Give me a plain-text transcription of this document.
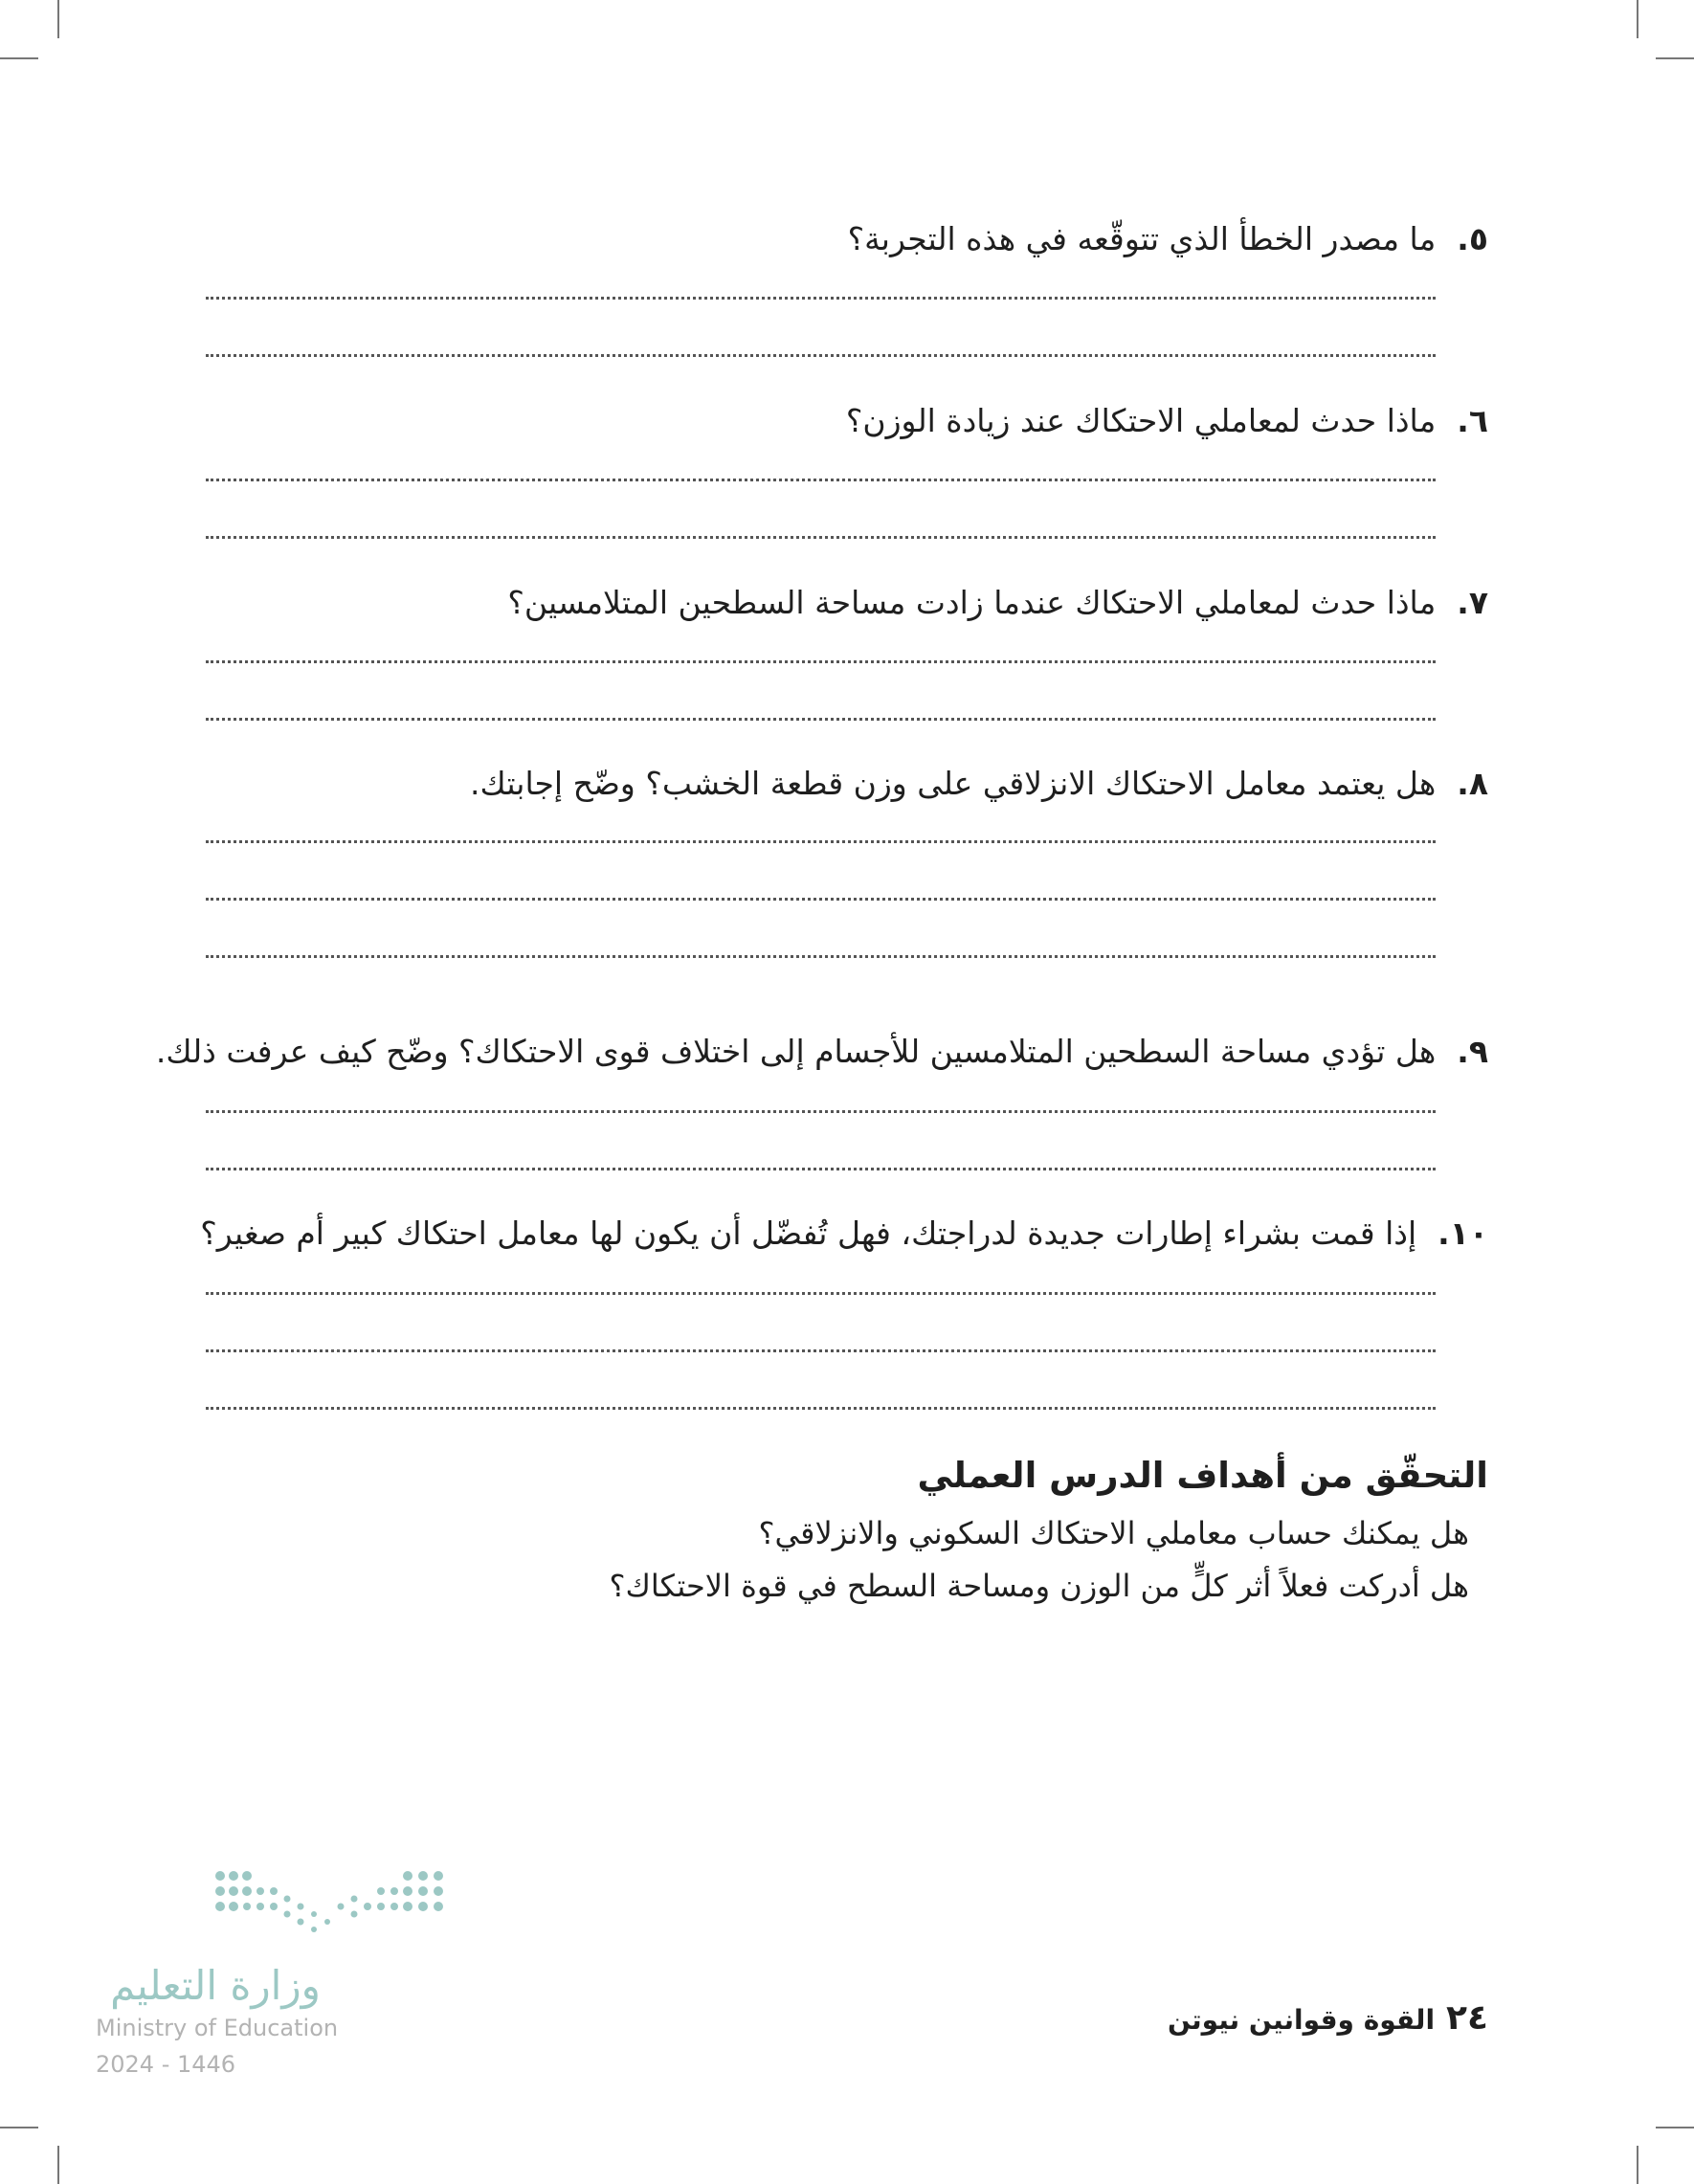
٥.ما مصدر الخطأ الذي تتوقّعه في هذه التجربة؟
٦.ماذا حدث لمعاملي الاحتكاك عند زيادة الوزن؟
٧.ماذا حدث لمعاملي الاحتكاك عندما زادت مساحة السطحين المتلامسين؟
٨.هل يعتمد معامل الاحتكاك الانزلاقي على وزن قطعة الخشب؟ وضّح إجابتك.
٩.هل تؤدي مساحة السطحين المتلامسين للأجسام إلى اختلاف قوى الاحتكاك؟ وضّح كيف عرفت ذلك.
١٠.إذا قمت بشراء إطارات جديدة لدراجتك، فهل تُفضّل أن يكون لها معامل احتكاك كبير أم صغير؟
التحقّق من أهداف الدرس العملي
هل يمكنك حساب معاملي الاحتكاك السكوني والانزلاقي؟
هل أدركت فعلاً أثر كلٍّ من الوزن ومساحة السطح في قوة الاحتكاك؟
وزارة التعليم
Ministry of Education
2024 - 1446
٢٤القوة وقوانين نيوتن
